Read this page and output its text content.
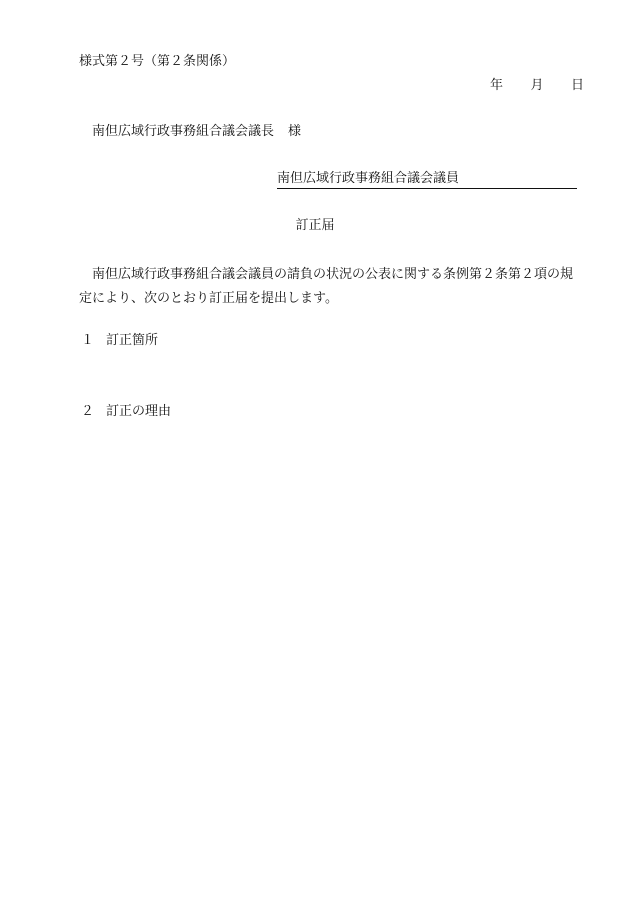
様式第２号（第２条関係）
年 月 日
南但広域行政事務組合議会議長 様
南但広域行政事務組合議会議員
訂正届
南但広域行政事務組合議会議員の請負の状況の公表に関する条例第２条第２項の規定により、次のとおり訂正届を提出します。
１ 訂正箇所
２ 訂正の理由
